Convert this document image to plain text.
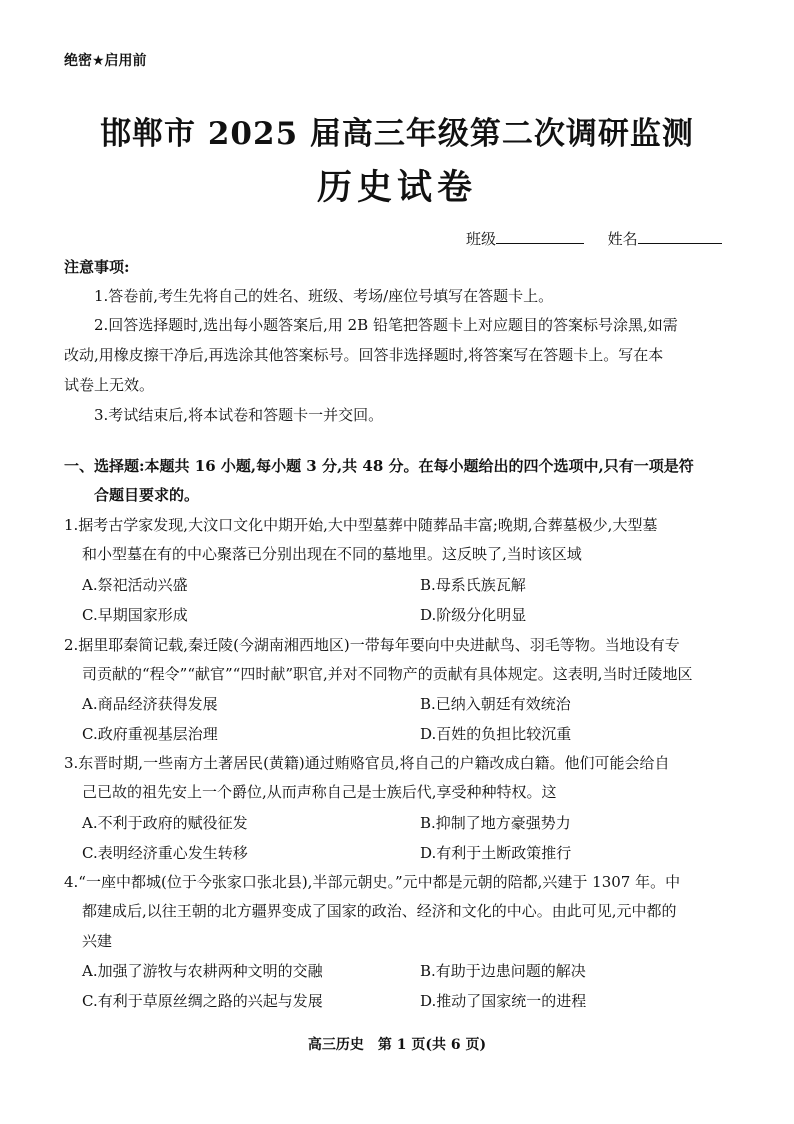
绝密★启用前
邯郸市 2025 届高三年级第二次调研监测
历史试卷
班级	姓名
注意事项:
1.答卷前,考生先将自己的姓名、班级、考场/座位号填写在答题卡上。
2.回答选择题时,选出每小题答案后,用 2B 铅笔把答题卡上对应题目的答案标号涂黑,如需
改动,用橡皮擦干净后,再选涂其他答案标号。回答非选择题时,将答案写在答题卡上。写在本
试卷上无效。
3.考试结束后,将本试卷和答题卡一并交回。
一、选择题:本题共 16 小题,每小题 3 分,共 48 分。在每小题给出的四个选项中,只有一项是符
合题目要求的。
1.据考古学家发现,大汶口文化中期开始,大中型墓葬中随葬品丰富;晚期,合葬墓极少,大型墓
和小型墓在有的中心聚落已分别出现在不同的墓地里。这反映了,当时该区域
A.祭祀活动兴盛	B.母系氏族瓦解
C.早期国家形成	D.阶级分化明显
2.据里耶秦简记载,秦迁陵(今湖南湘西地区)一带每年要向中央进献鸟、羽毛等物。当地设有专
司贡献的“程令”“献官”“四时献”职官,并对不同物产的贡献有具体规定。这表明,当时迁陵地区
A.商品经济获得发展	B.已纳入朝廷有效统治
C.政府重视基层治理	D.百姓的负担比较沉重
3.东晋时期,一些南方土著居民(黄籍)通过贿赂官员,将自己的户籍改成白籍。他们可能会给自
己已故的祖先安上一个爵位,从而声称自己是士族后代,享受种种特权。这
A.不利于政府的赋役征发	B.抑制了地方豪强势力
C.表明经济重心发生转移	D.有利于土断政策推行
4.“一座中都城(位于今张家口张北县),半部元朝史。”元中都是元朝的陪都,兴建于 1307 年。中
都建成后,以往王朝的北方疆界变成了国家的政治、经济和文化的中心。由此可见,元中都的
兴建
A.加强了游牧与农耕两种文明的交融	B.有助于边患问题的解决
C.有利于草原丝绸之路的兴起与发展	D.推动了国家统一的进程
高三历史　第 1 页(共 6 页)
